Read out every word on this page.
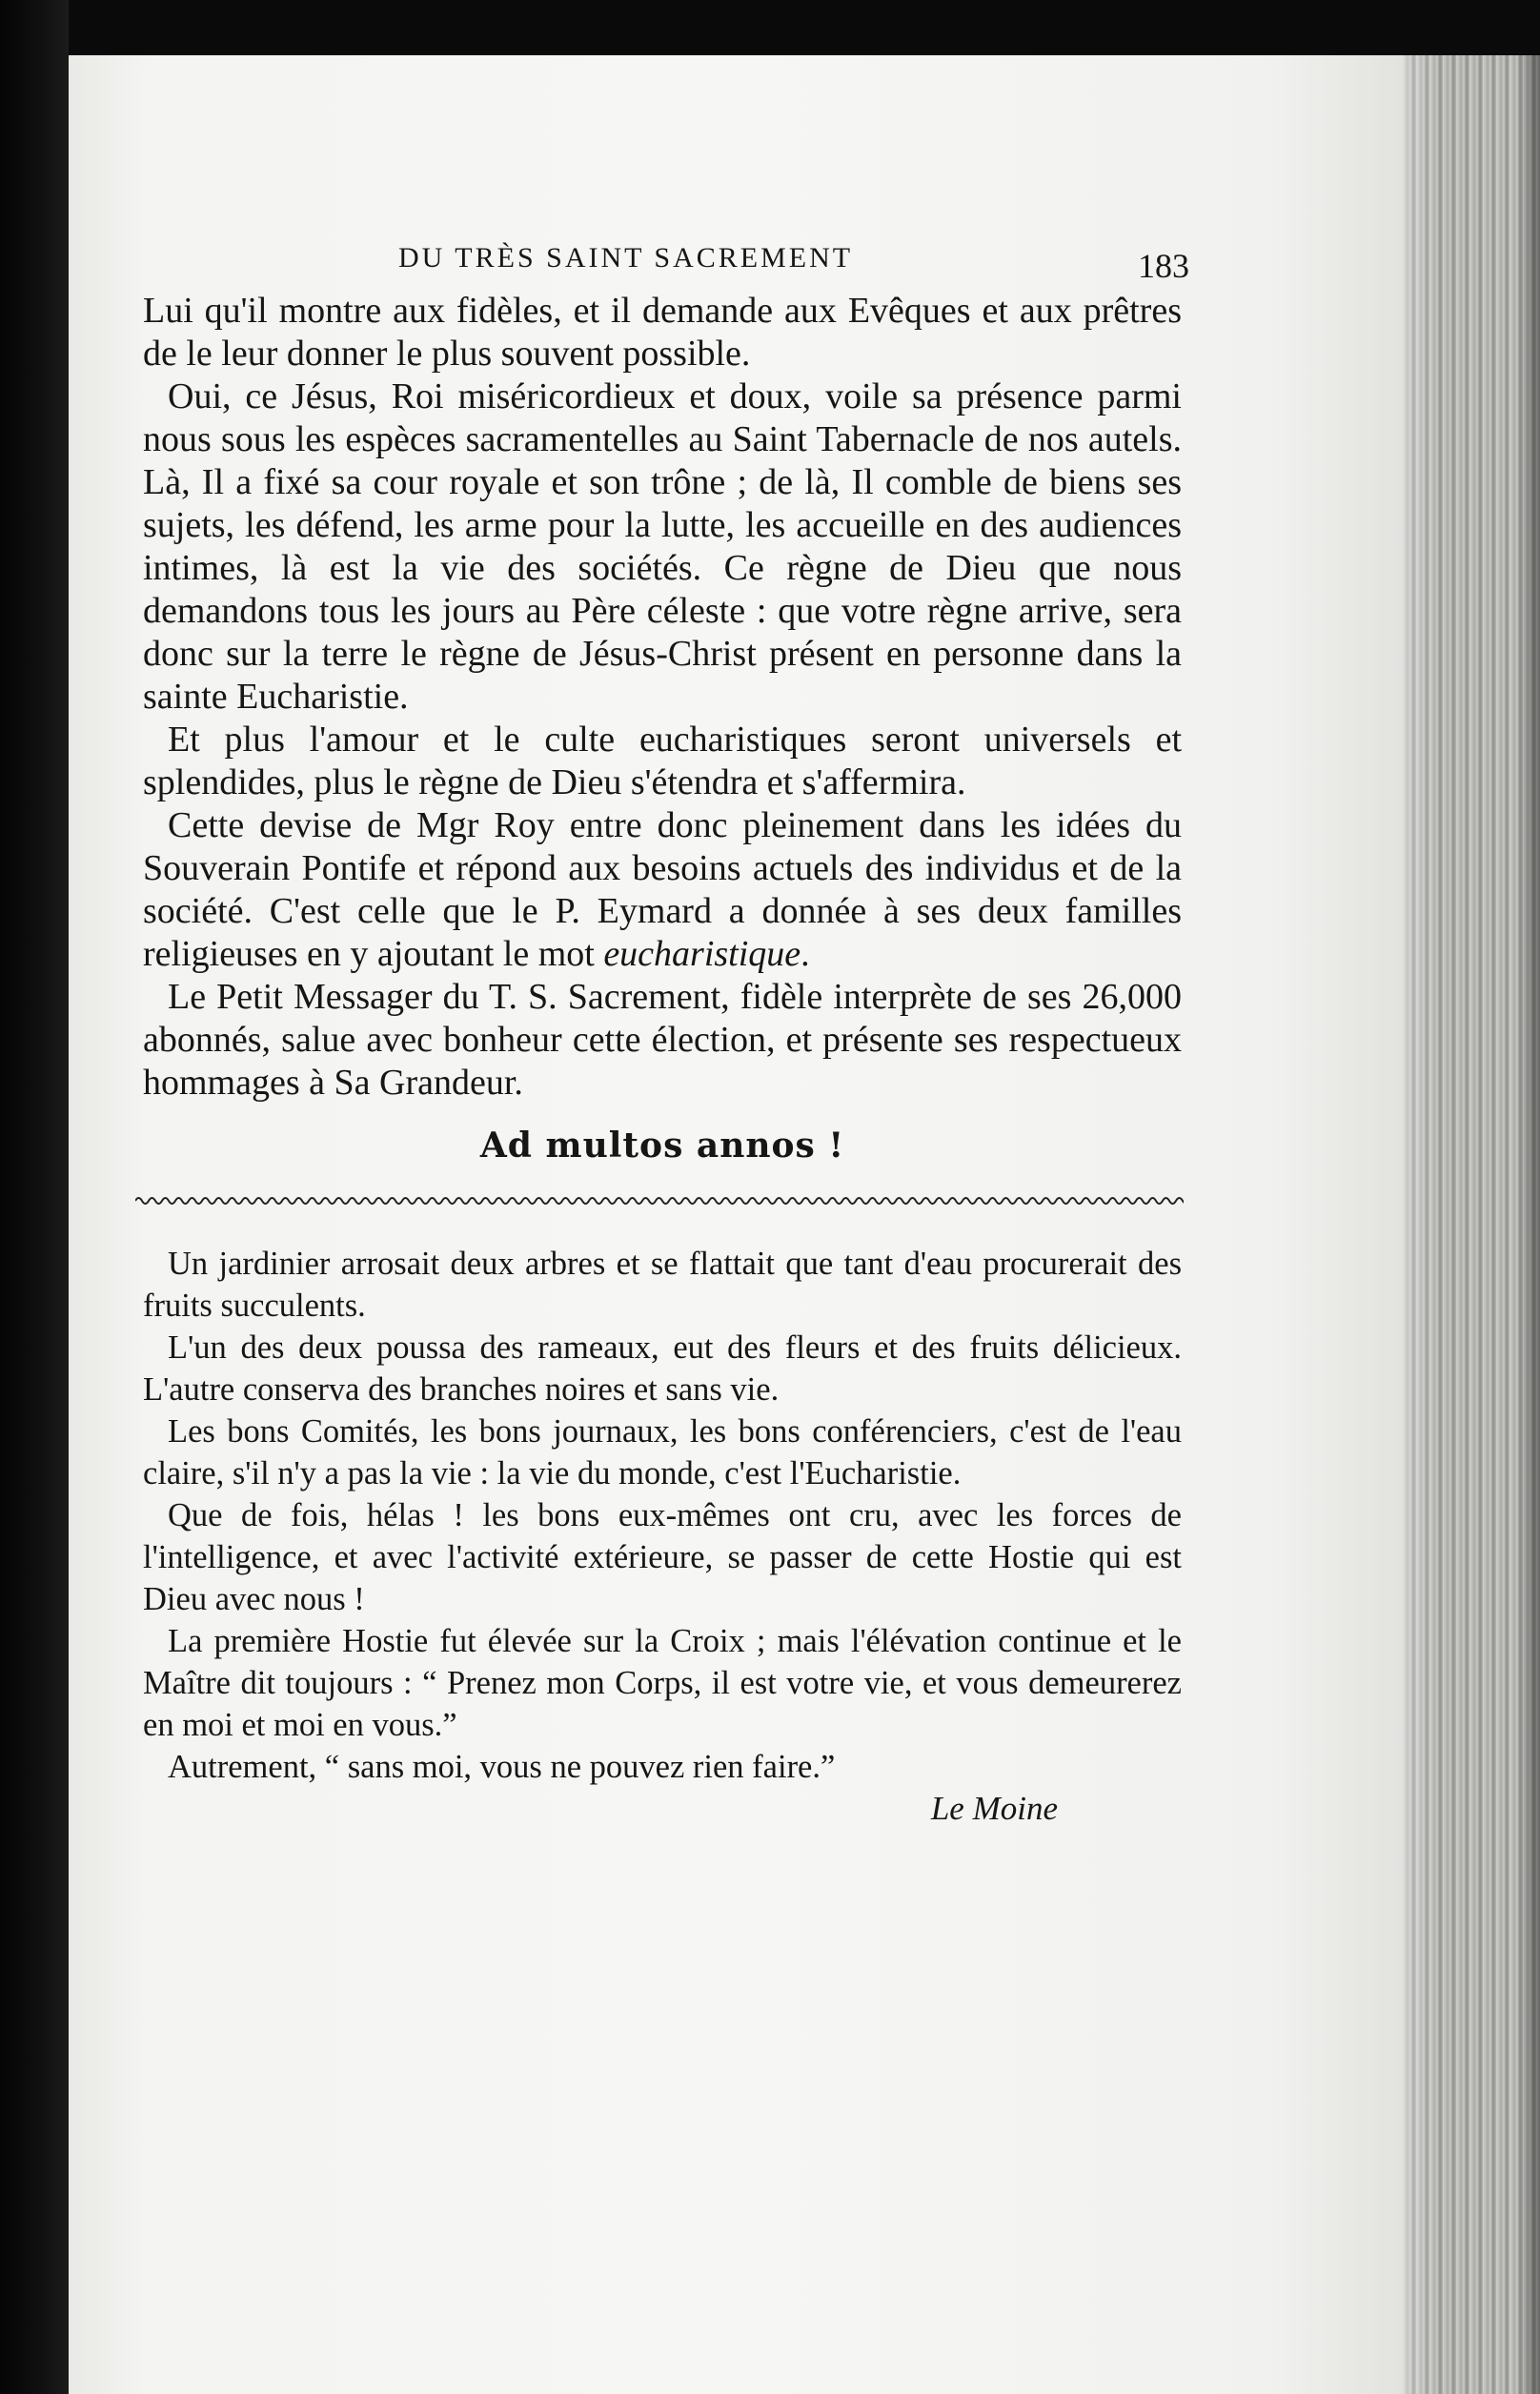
DU TRÈS SAINT SACREMENT	183

Lui qu'il montre aux fidèles, et il demande aux Evêques et aux prêtres de le leur donner le plus souvent possible.

Oui, ce Jésus, Roi miséricordieux et doux, voile sa présence parmi nous sous les espèces sacramentelles au Saint Tabernacle de nos autels. Là, Il a fixé sa cour royale et son trône ; de là, Il comble de biens ses sujets, les défend, les arme pour la lutte, les accueille en des audiences intimes, là est la vie des sociétés. Ce règne de Dieu que nous demandons tous les jours au Père céleste : que votre règne arrive, sera donc sur la terre le règne de Jésus-Christ présent en personne dans la sainte Eucharistie.

Et plus l'amour et le culte eucharistiques seront universels et splendides, plus le règne de Dieu s'étendra et s'affermira.

Cette devise de Mgr Roy entre donc pleinement dans les idées du Souverain Pontife et répond aux besoins actuels des individus et de la société. C'est celle que le P. Eymard a donnée à ses deux familles religieuses en y ajoutant le mot eucharistique.

Le Petit Messager du T. S. Sacrement, fidèle interprète de ses 26,000 abonnés, salue avec bonheur cette élection, et présente ses respectueux hommages à Sa Grandeur.

Ad multos annos !

Un jardinier arrosait deux arbres et se flattait que tant d'eau procurerait des fruits succulents.

L'un des deux poussa des rameaux, eut des fleurs et des fruits délicieux. L'autre conserva des branches noires et sans vie.

Les bons Comités, les bons journaux, les bons conférenciers, c'est de l'eau claire, s'il n'y a pas la vie : la vie du monde, c'est l'Eucharistie.

Que de fois, hélas ! les bons eux-mêmes ont cru, avec les forces de l'intelligence, et avec l'activité extérieure, se passer de cette Hostie qui est Dieu avec nous !

La première Hostie fut élevée sur la Croix ; mais l'élévation continue et le Maître dit toujours : “ Prenez mon Corps, il est votre vie, et vous demeurerez en moi et moi en vous.”

Autrement, “ sans moi, vous ne pouvez rien faire.”

Le Moine
